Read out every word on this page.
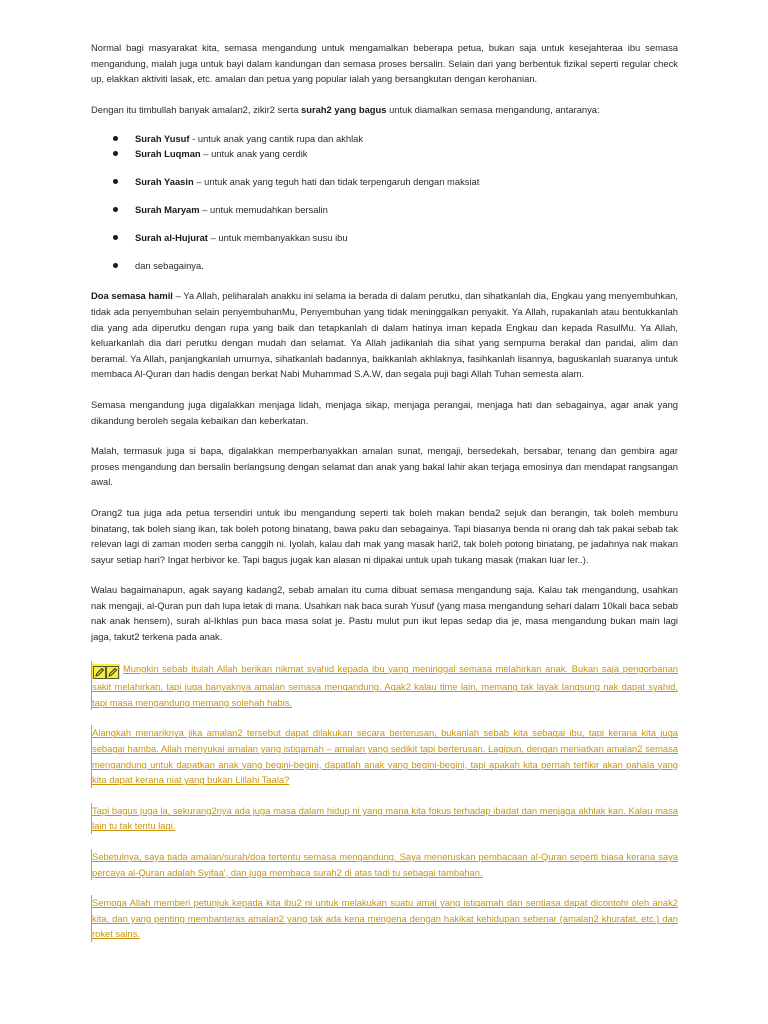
Normal bagi masyarakat kita, semasa mengandung untuk mengamalkan beberapa petua, bukan saja untuk kesejahteraa ibu semasa mengandung, malah juga untuk bayi dalam kandungan dan semasa proses bersalin. Selain dari yang berbentuk fizikal seperti regular check up, elakkan aktiviti lasak, etc. amalan dan petua yang popular ialah yang bersangkutan dengan kerohanian.

Dengan itu timbullah banyak amalan2, zikir2 serta surah2 yang bagus untuk diamalkan semasa mengandung, antaranya:

Surah Yusuf - untuk anak yang cantik rupa dan akhlak
Surah Luqman – untuk anak yang cerdik
Surah Yaasin – untuk anak yang teguh hati dan tidak terpengaruh dengan maksiat
Surah Maryam – untuk memudahkan bersalin
Surah al-Hujurat – untuk membanyakkan susu ibu
dan sebagainya.

Doa semasa hamil – Ya Allah, peliharalah anakku ini selama ia berada di dalam perutku, dan sihatkanlah dia, Engkau yang menyembuhkan, tidak ada penyembuhan selain penyembuhanMu, Penyembuhan yang tidak meninggalkan penyakit. Ya Allah, rupakanlah atau bentukkanlah dia yang ada diperutku dengan rupa yang baik dan tetapkanlah di dalam hatinya iman kepada Engkau dan kepada RasulMu. Ya Allah, keluarkanlah dia dari perutku dengan mudah dan selamat. Ya Allah jadikanlah dia sihat yang sempurna berakal dan pandai, alim dan beramal. Ya Allah, panjangkanlah umurnya, sihatkanlah badannya, baikkanlah akhlaknya, fasihkanlah lisannya, baguskanlah suaranya untuk membaca Al-Quran dan hadis dengan berkat Nabi Muhammad S.A.W, dan segala puji bagi Allah Tuhan semesta alam.

Semasa mengandung juga digalakkan menjaga lidah, menjaga sikap, menjaga perangai, menjaga hati dan sebagainya, agar anak yang dikandung beroleh segala kebaikan dan keberkatan.

Malah, termasuk juga si bapa, digalakkan memperbanyakkan amalan sunat, mengaji, bersedekah, bersabar, tenang dan gembira agar proses mengandung dan bersalin berlangsung dengan selamat dan anak yang bakal lahir akan terjaga emosinya dan mendapat rangsangan awal.

Orang2 tua juga ada petua tersendiri untuk ibu mengandung seperti tak boleh makan benda2 sejuk dan berangin, tak boleh memburu binatang, tak boleh siang ikan, tak boleh potong binatang, bawa paku dan sebagainya. Tapi biasanya benda ni orang dah tak pakai sebab tak relevan lagi di zaman moden serba canggih ni. Iyolah, kalau dah mak yang masak hari2, tak boleh potong binatang, pe jadahnya nak makan sayur setiap hari? Ingat herbivor ke. Tapi bagus jugak kan alasan ni dipakai untuk upah tukang masak (makan luar ler..).

Walau bagaimanapun, agak sayang kadang2, sebab amalan itu cuma dibuat semasa mengandung saja. Kalau tak mengandung, usahkan nak mengaji, al-Quran pun dah lupa letak di mana. Usahkan nak baca surah Yusuf (yang masa mengandung sehari dalam 10kali baca sebab nak anak hensem), surah al-Ikhlas pun baca masa solat je. Pastu mulut pun ikut lepas sedap dia je, masa mengandung bukan main lagi jaga, takut2 terkena pada anak.

Mungkin sebab itulah Allah berikan nikmat syahid kepada ibu yang meninggal semasa melahirkan anak. Bukan saja pengorbanan sakit melahirkan, tapi juga banyaknya amalan semasa mengandung. Agak2 kalau time lain, memang tak layak langsung nak dapat syahid, tapi masa mengandung memang solehah habis.

Alangkah menariknya jika amalan2 tersebut dapat dilakukan secara berterusan, bukanlah sebab kita sebagai ibu, tapi kerana kita juga sebagai hamba. Allah menyukai amalan yang istiqamah – amalan yang sedikit tapi berterusan. Lagipun, dengan meniatkan amalan2 semasa mengandung untuk dapatkan anak yang begini-begini, dapatlah anak yang begini-begini, tapi apakah kita pernah terfikir akan pahala yang kita dapat kerana niat yang bukan Lillahi Taala?

Tapi bagus juga la, sekurang2nya ada juga masa dalam hidup ni yang mana kita fokus terhadap ibadat dan menjaga akhlak kan. Kalau masa lain tu tak tentu lagi.

Sebetulnya, saya tiada amalan/surah/doa tertentu semasa mengandung. Saya meneruskan pembacaan al-Quran seperti biasa kerana saya percaya al-Quran adalah Syifaa', dan juga membaca surah2 di atas tadi tu sebagai tambahan.

Semoga Allah memberi petunjuk kepada kita ibu2 ni untuk melakukan suatu amal yang istiqamah dan sentiasa dapat dicontohi oleh anak2 kita, dan yang penting membanteras amalan2 yang tak ada kena mengena dengan hakikat kehidupan sebenar (amalan2 khurafat, etc.) dan roket sains.
